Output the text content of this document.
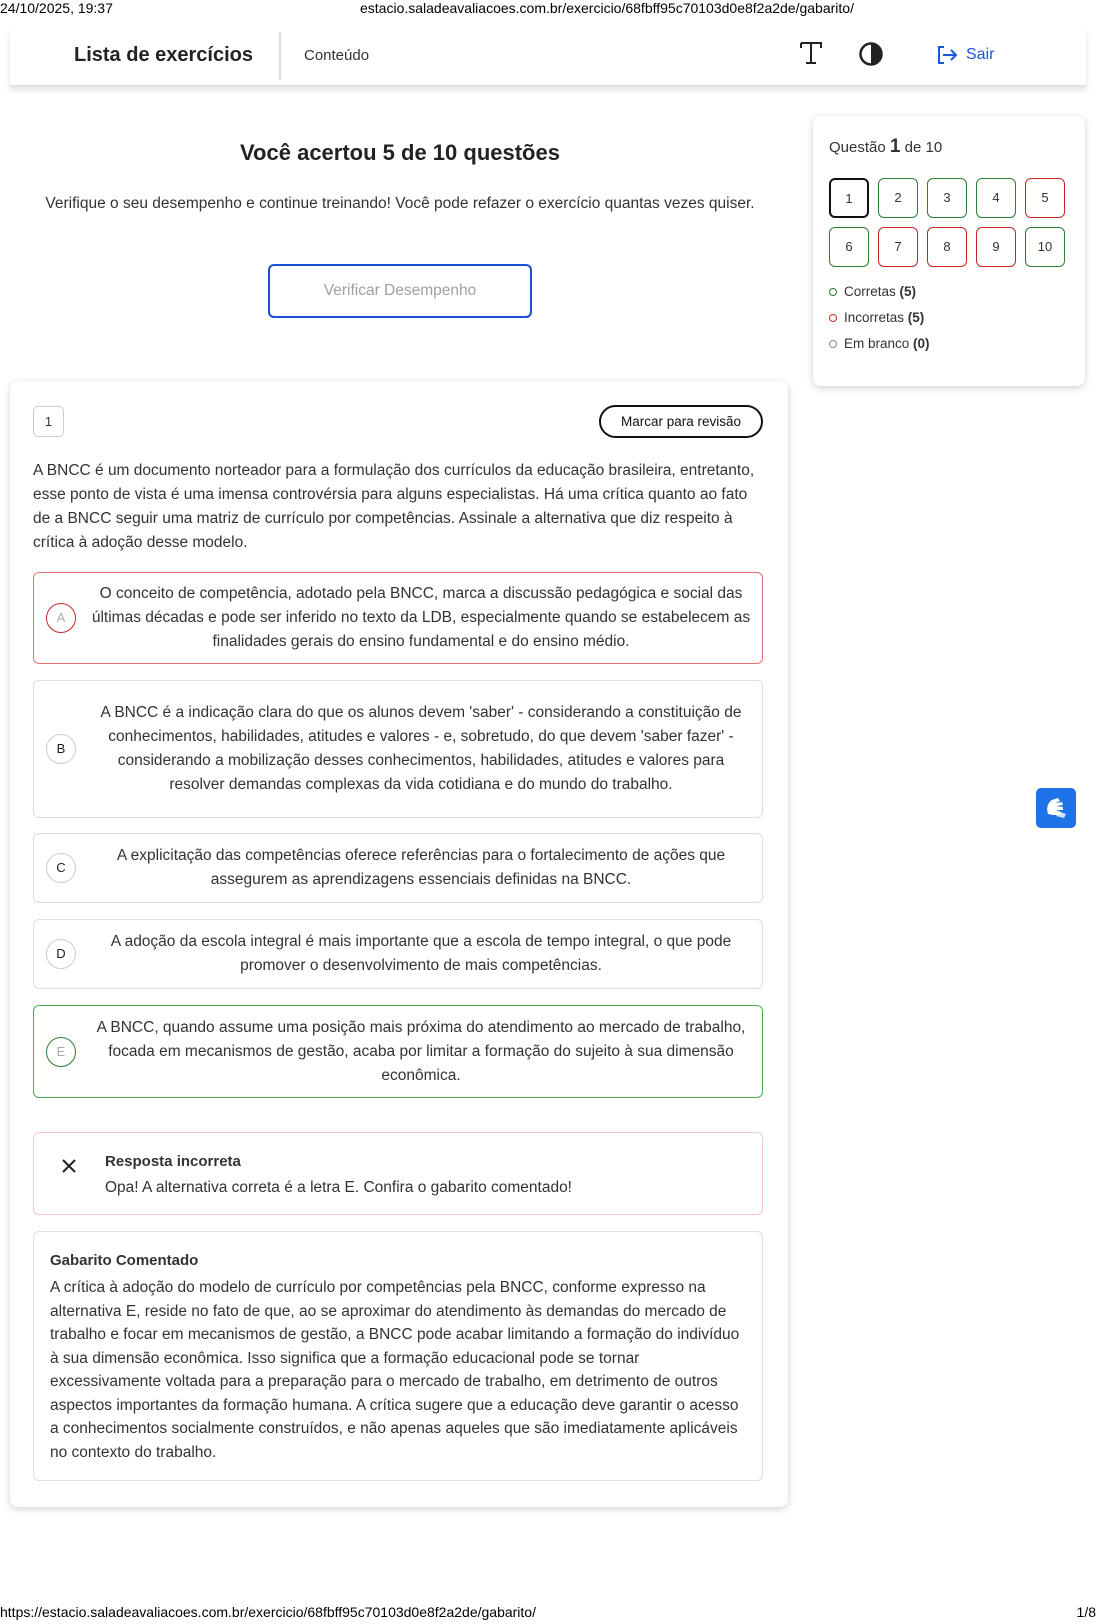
24/10/2025, 19:37	estacio.saladeavaliacoes.com.br/exercicio/68fbff95c70103d0e8f2a2de/gabarito/
Lista de exercícios	Conteúdo	Sair
Você acertou 5 de 10 questões

Verifique o seu desempenho e continue treinando! Você pode refazer o exercício quantas vezes quiser.

Verificar Desempenho
Questão 1 de 10
1	2	3	4	5
6	7	8	9	10
Corretas
(5)
Incorretas
(5)
Em branco
(0)
1	Marcar para revisão
A BNCC é um documento norteador para a formulação dos currículos da educação brasileira, entretanto, esse ponto de vista é uma imensa controvérsia para alguns especialistas. Há uma crítica quanto ao fato de a BNCC seguir uma matriz de currículo por competências. Assinale a alternativa que diz respeito à crítica à adoção desse modelo.
A
O conceito de competência, adotado pela BNCC, marca a discussão pedagógica e social das últimas décadas e pode ser inferido no texto da LDB, especialmente quando se estabelecem as finalidades gerais do ensino fundamental e do ensino médio.
B
A BNCC é a indicação clara do que os alunos devem 'saber' - considerando a constituição de conhecimentos, habilidades, atitudes e valores - e, sobretudo, do que devem 'saber fazer' - considerando a mobilização desses conhecimentos, habilidades, atitudes e valores para resolver demandas complexas da vida cotidiana e do mundo do trabalho.
C
A explicitação das competências oferece referências para o fortalecimento de ações que assegurem as aprendizagens essenciais definidas na BNCC.
D
A adoção da escola integral é mais importante que a escola de tempo integral, o que pode promover o desenvolvimento de mais competências.
E
A BNCC, quando assume uma posição mais próxima do atendimento ao mercado de trabalho, focada em mecanismos de gestão, acaba por limitar a formação do sujeito à sua dimensão econômica.
Resposta incorreta
Opa! A alternativa correta é a letra E. Confira o gabarito comentado!
Gabarito Comentado
A crítica à adoção do modelo de currículo por competências pela BNCC, conforme expresso na alternativa E, reside no fato de que, ao se aproximar do atendimento às demandas do mercado de trabalho e focar em mecanismos de gestão, a BNCC pode acabar limitando a formação do indivíduo à sua dimensão econômica. Isso significa que a formação educacional pode se tornar excessivamente voltada para a preparação para o mercado de trabalho, em detrimento de outros aspectos importantes da formação humana. A crítica sugere que a educação deve garantir o acesso a conhecimentos socialmente construídos, e não apenas aqueles que são imediatamente aplicáveis no contexto do trabalho.
https://estacio.saladeavaliacoes.com.br/exercicio/68fbff95c70103d0e8f2a2de/gabarito/	1/8
